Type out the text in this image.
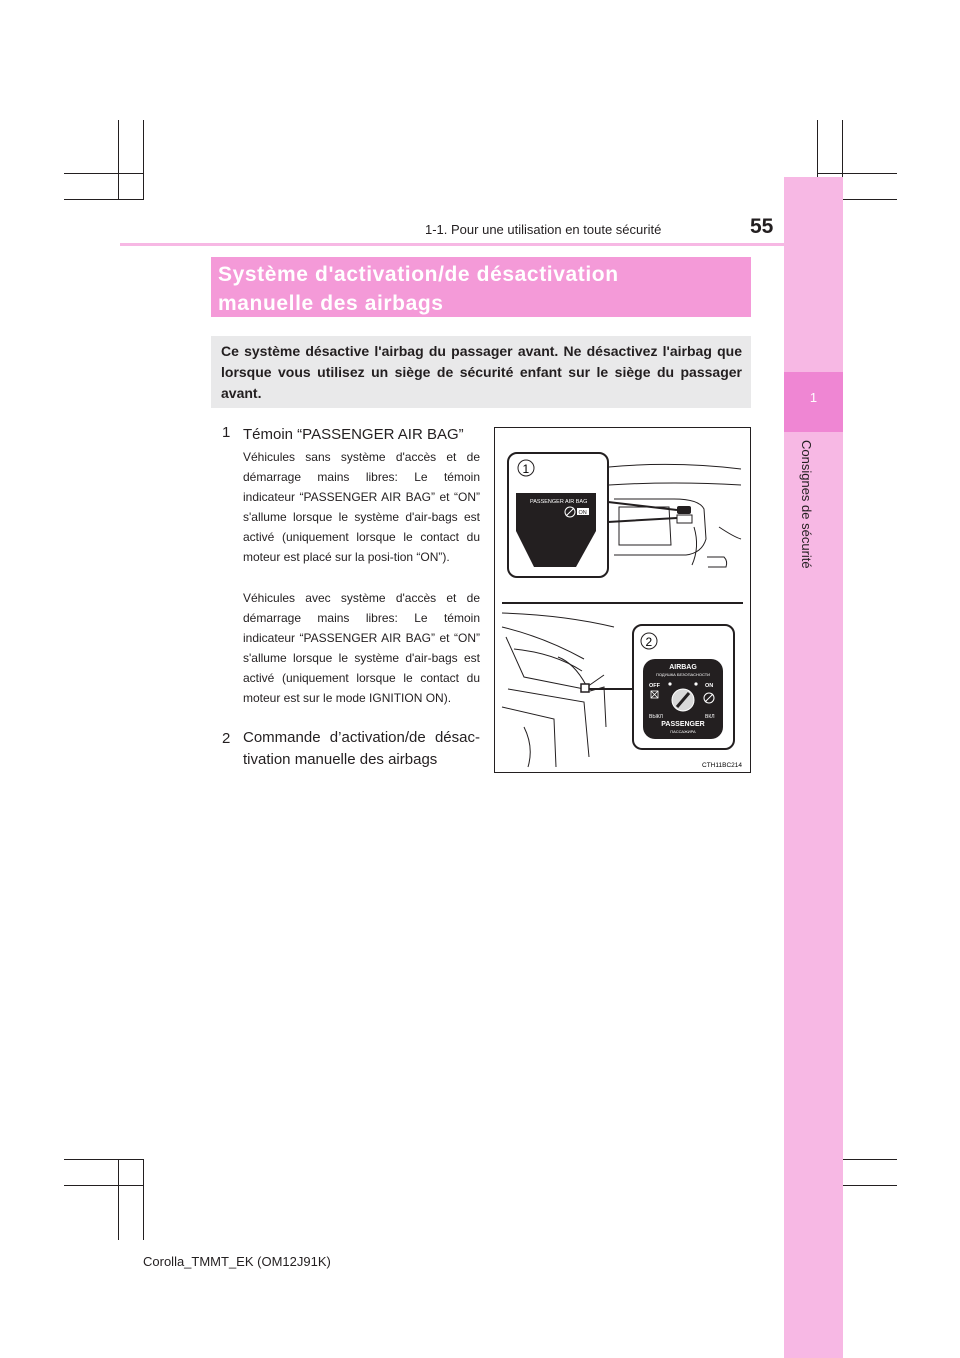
1
Consignes de sécurité
1-1. Pour une utilisation en toute sécurité	55
Système d'activation/de désactivation
manuelle des airbags
Ce système désactive l'airbag du passager avant. Ne désactivez l'airbag que lorsque vous utilisez un siège de sécurité enfant sur le siège du passager avant.
1 Témoin “PASSENGER AIR BAG”
Véhicules sans système d'accès et de démarrage mains libres: Le témoin indicateur “PASSENGER AIR BAG” et “ON” s'allume lorsque le système d'air-bags est activé (uniquement lorsque le contact du moteur est placé sur la posi-tion “ON”).
Véhicules avec système d'accès et de démarrage mains libres: Le témoin indicateur “PASSENGER AIR BAG” et “ON” s'allume lorsque le système d'air-bags est activé (uniquement lorsque le contact du moteur est sur le mode IGNITION ON).
2 Commande d’activation/de désac-tivation manuelle des airbags
PASSENGER AIR BAG
ON
1
2
AIRBAG
ПОДУШКА БЕЗОПАСНОСТИ
OFF	ON
ВЫКЛ	ВКЛ
PASSENGER
ПАССАЖИРА
CTH11BC214
Corolla_TMMT_EK (OM12J91K)
